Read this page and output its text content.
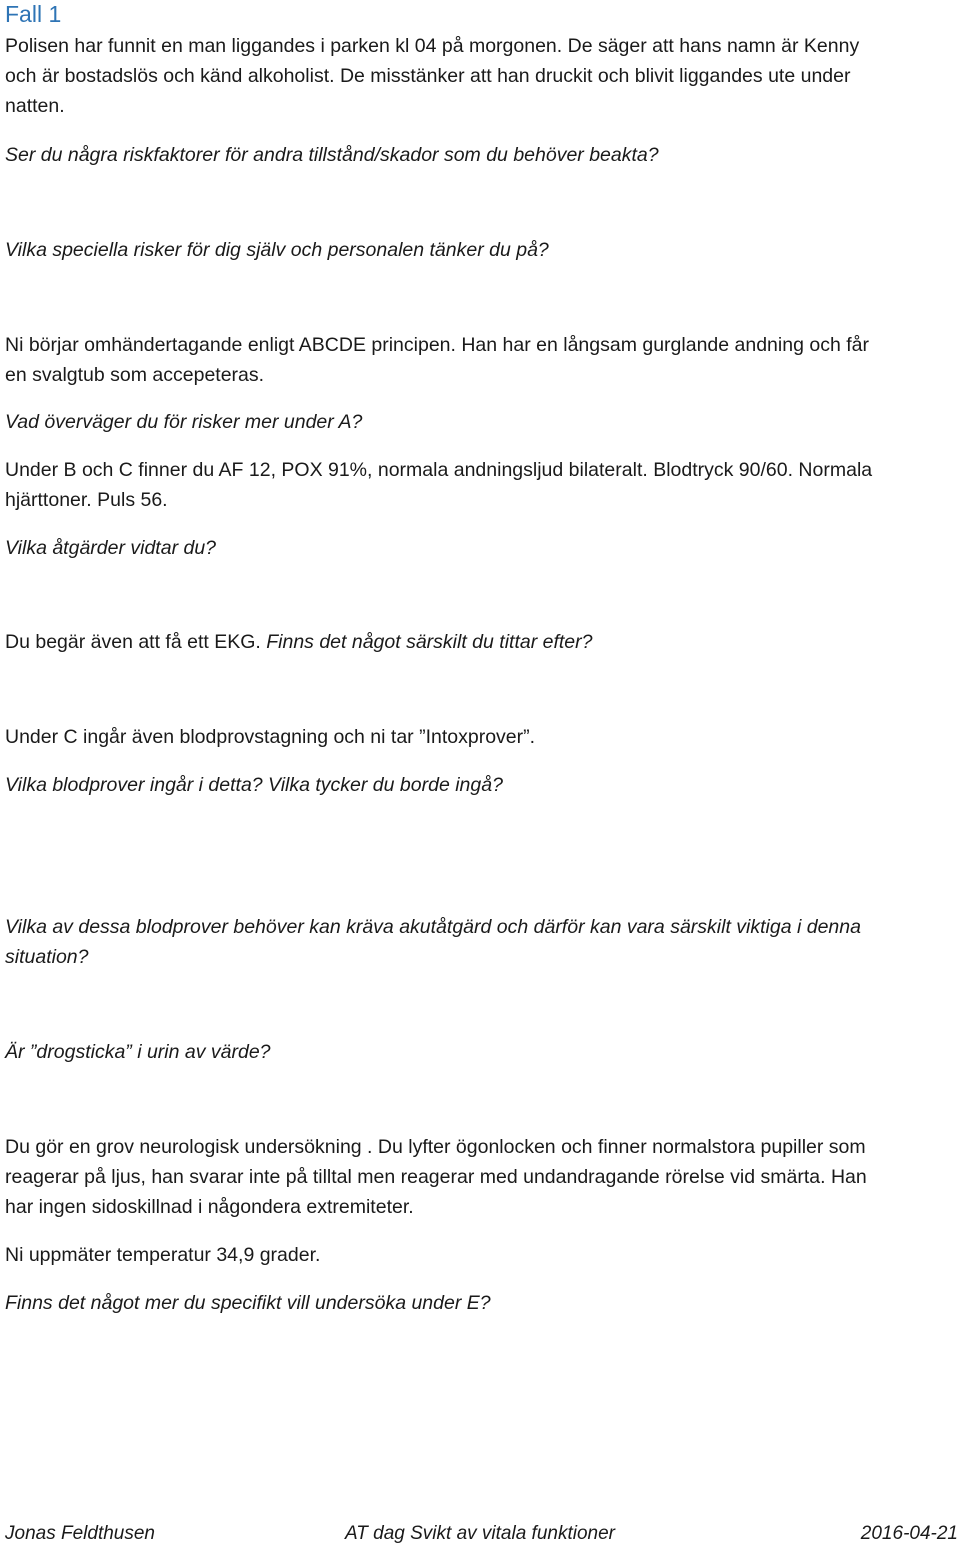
Fall 1
Polisen har funnit en man liggandes i parken kl 04 på morgonen. De säger att hans namn är Kenny
och är bostadslös och känd alkoholist. De misstänker att han druckit och blivit liggandes ute under
natten.
Ser du några riskfaktorer för andra tillstånd/skador som du behöver beakta?
Vilka speciella risker för dig själv och personalen tänker du på?
Ni börjar omhändertagande enligt ABCDE principen. Han har en långsam gurglande andning och får
en svalgtub som accepeteras.
Vad överväger du för risker mer under A?
Under B och C finner du AF 12, POX 91%, normala andningsljud bilateralt. Blodtryck 90/60. Normala
hjärttoner. Puls 56.
Vilka åtgärder vidtar du?
Du begär även att få ett EKG. Finns det något särskilt du tittar efter?
Under C ingår även blodprovstagning och ni tar ”Intoxprover”.
Vilka blodprover ingår i detta? Vilka tycker du borde ingå?
Vilka av dessa blodprover behöver kan kräva akutåtgärd och därför kan vara särskilt viktiga i denna
situation?
Är ”drogsticka” i urin av värde?
Du gör en grov neurologisk undersökning . Du lyfter ögonlocken och finner normalstora pupiller som
reagerar på ljus, han svarar inte på tilltal men reagerar med undandragande rörelse vid smärta. Han
har ingen sidoskillnad i någondera extremiteter.
Ni uppmäter temperatur 34,9 grader.
Finns det något mer du specifikt vill undersöka under E?
Jonas Feldthusen	AT dag Svikt av vitala funktioner	2016-04-21
